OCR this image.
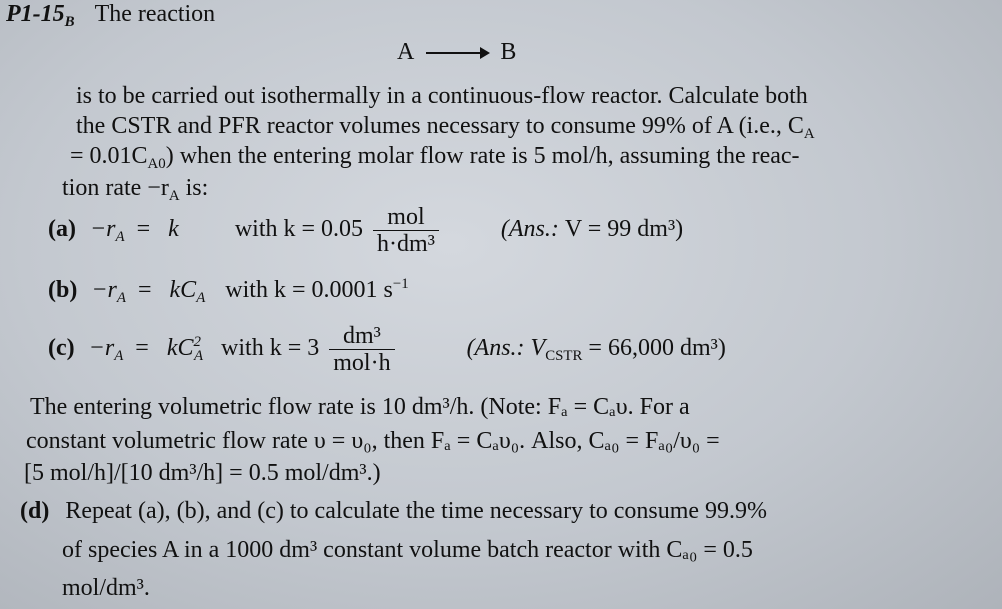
$P1-15_B$ The reaction
A → B
is to be carried out isothermally in a continuous-flow reactor. Calculate both
the CSTR and PFR reactor volumes necessary to consume 99% of A (i.e., $C_A$
= $0.01C_{A0}$) when the entering molar flow rate is 5 mol/h, assuming the reac-
tion rate $-r_A$ is:
$(a) -r_A = k$ with $k = 0.05 \frac{\text{mol}}{\text{h·dm³}}$	(Ans.: V = 99 dm³)
$(b) -r_A = kC_A$ with k = 0.0001 $s^{-1}$
$(c) -r_A = kC^2_A$ with $k = 3 \frac{\text{dm³}}{\text{mol·h}}$	(Ans.: $V_{CSTR} = 66,000$ dm³)
The entering volumetric flow rate is 10 dm³/h. (Note: Fₐ = Cₐυ. For a
constant volumetric flow rate υ = υ₀, then Fₐ = Cₐυ₀. Also, Cₐ₀ = Fₐ₀/υ₀ =
[5 mol/h]/[10 dm³/h] = 0.5 mol/dm³.)
(d) Repeat (a), (b), and (c) to calculate the time necessary to consume 99.9%
of species A in a 1000 dm³ constant volume batch reactor with Cₐ₀ = 0.5
mol/dm³.
